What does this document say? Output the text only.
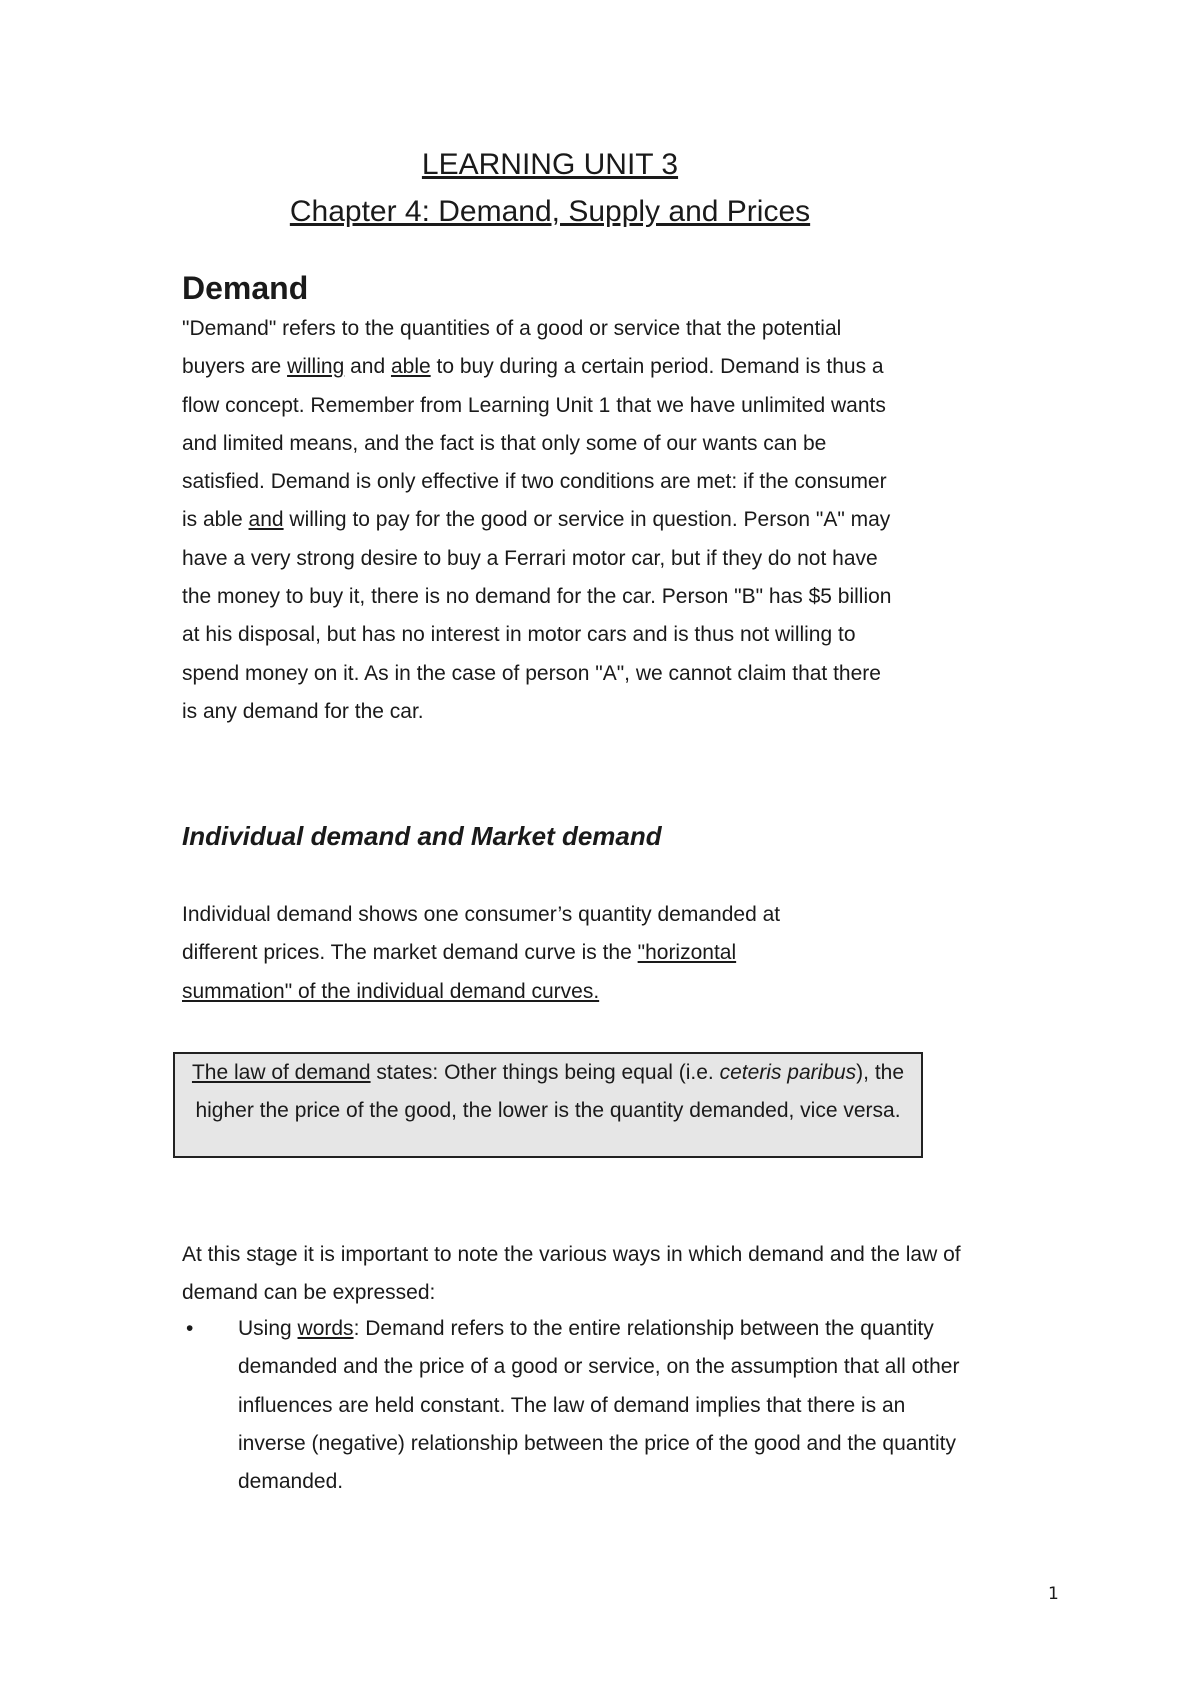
LEARNING UNIT 3
Chapter 4: Demand, Supply and Prices
Demand

"Demand" refers to the quantities of a good or service that the potential buyers are willing and able to buy during a certain period. Demand is thus a flow concept. Remember from Learning Unit 1 that we have unlimited wants and limited means, and the fact is that only some of our wants can be satisfied. Demand is only effective if two conditions are met: if the consumer is able and willing to pay for the good or service in question. Person "A" may have a very strong desire to buy a Ferrari motor car, but if they do not have the money to buy it, there is no demand for the car. Person "B" has $5 billion at his disposal, but has no interest in motor cars and is thus not willing to spend money on it. As in the case of person "A", we cannot claim that there is any demand for the car.

Individual demand and Market demand

Individual demand shows one consumer’s quantity demanded at different prices. The market demand curve is the "horizontal summation" of the individual demand curves.

The law of demand states: Other things being equal (i.e. ceteris paribus), the higher the price of the good, the lower is the quantity demanded, vice versa.

At this stage it is important to note the various ways in which demand and the law of demand can be expressed:

• Using words: Demand refers to the entire relationship between the quantity demanded and the price of a good or service, on the assumption that all other influences are held constant. The law of demand implies that there is an inverse (negative) relationship between the price of the good and the quantity demanded.
1
